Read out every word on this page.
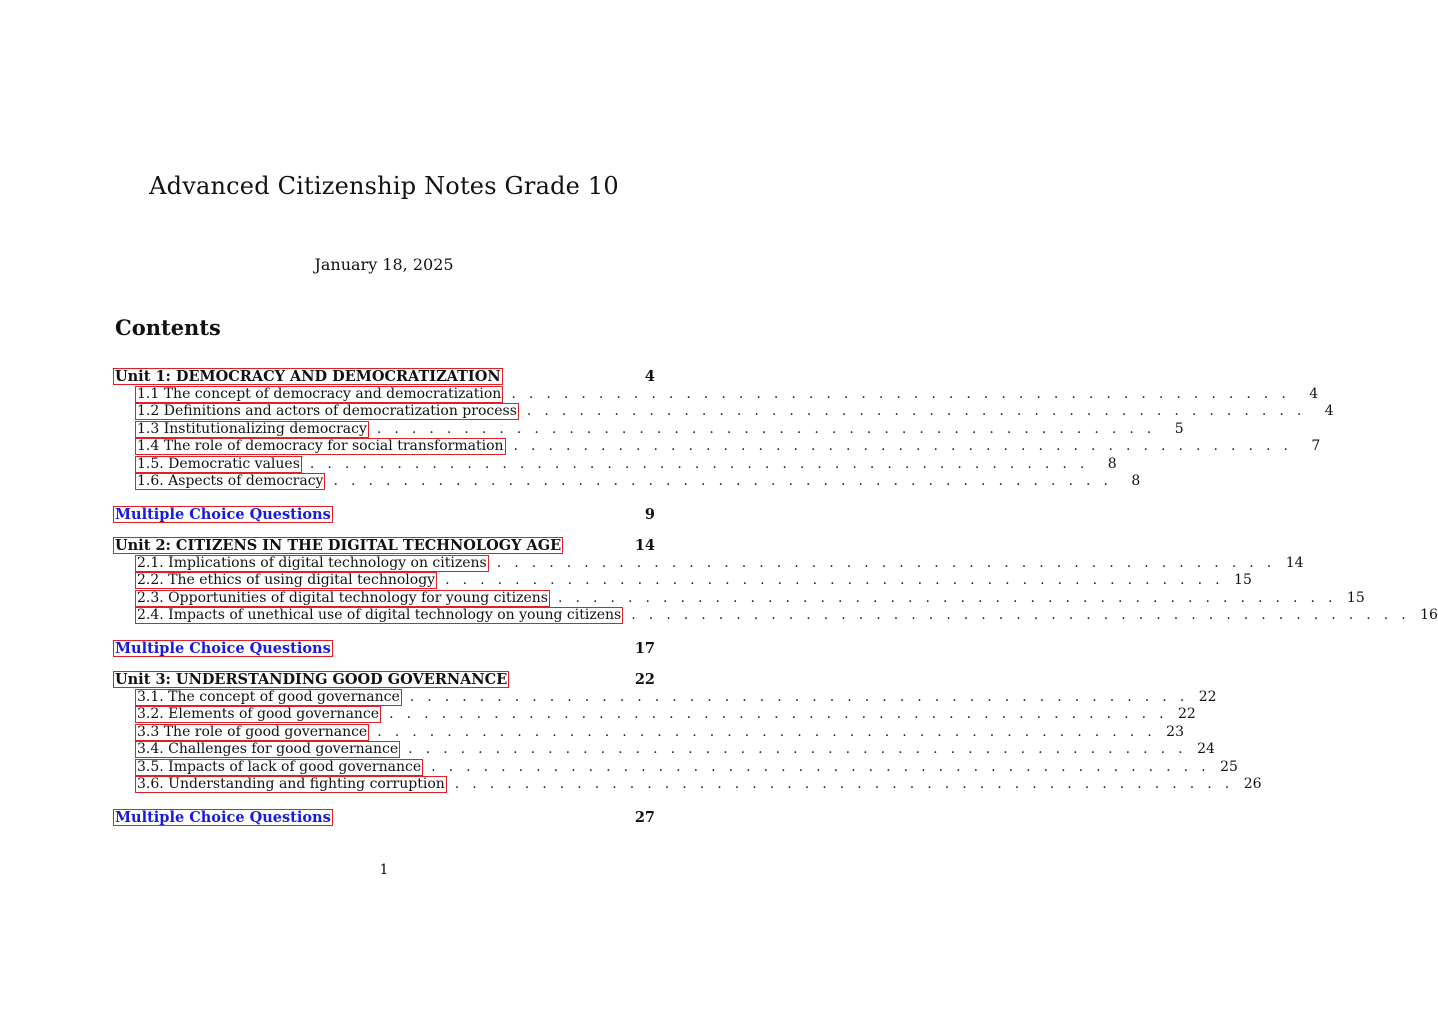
Advanced Citizenship Notes Grade 10
January 18, 2025
Contents
Unit 1: DEMOCRACY AND DEMOCRATIZATION	4
1.1 The concept of democracy and democratization . . . . . . . . . . . . . . . . . . . . . . . . . . . . . . . . . . . . . . . . . . . . .	4
1.2 Definitions and actors of democratization process . . . . . . . . . . . . . . . . . . . . . . . . . . . . . . . . . . . . . . . . . . . . .	4
1.3 Institutionalizing democracy . . . . . . . . . . . . . . . . . . . . . . . . . . . . . . . . . . . . . . . . . . . . .	5
1.4 The role of democracy for social transformation . . . . . . . . . . . . . . . . . . . . . . . . . . . . . . . . . . . . . . . . . . . . .	7
1.5. Democratic values . . . . . . . . . . . . . . . . . . . . . . . . . . . . . . . . . . . . . . . . . . . . .	8
1.6. Aspects of democracy . . . . . . . . . . . . . . . . . . . . . . . . . . . . . . . . . . . . . . . . . . . . .	8
Multiple Choice Questions	9
Unit 2: CITIZENS IN THE DIGITAL TECHNOLOGY AGE	14
2.1. Implications of digital technology on citizens . . . . . . . . . . . . . . . . . . . . . . . . . . . . . . . . . . . . . . . . . . . . . 14
2.2. The ethics of using digital technology . . . . . . . . . . . . . . . . . . . . . . . . . . . . . . . . . . . . . . . . . . . . . 15
2.3. Opportunities of digital technology for young citizens . . . . . . . . . . . . . . . . . . . . . . . . . . . . . . . . . . . . . . . . . . . . . 15
2.4. Impacts of unethical use of digital technology on young citizens . . . . . . . . . . . . . . . . . . . . . . . . . . . . . . . . . . . . . . . . . . . . . 16
Multiple Choice Questions	17
Unit 3: UNDERSTANDING GOOD GOVERNANCE	22
3.1. The concept of good governance . . . . . . . . . . . . . . . . . . . . . . . . . . . . . . . . . . . . . . . . . . . . . 22
3.2. Elements of good governance . . . . . . . . . . . . . . . . . . . . . . . . . . . . . . . . . . . . . . . . . . . . . 22
3.3 The role of good governance . . . . . . . . . . . . . . . . . . . . . . . . . . . . . . . . . . . . . . . . . . . . . 23
3.4. Challenges for good governance . . . . . . . . . . . . . . . . . . . . . . . . . . . . . . . . . . . . . . . . . . . . . 24
3.5. Impacts of lack of good governance . . . . . . . . . . . . . . . . . . . . . . . . . . . . . . . . . . . . . . . . . . . . . 25
3.6. Understanding and fighting corruption . . . . . . . . . . . . . . . . . . . . . . . . . . . . . . . . . . . . . . . . . . . . . 26
Multiple Choice Questions	27
1
